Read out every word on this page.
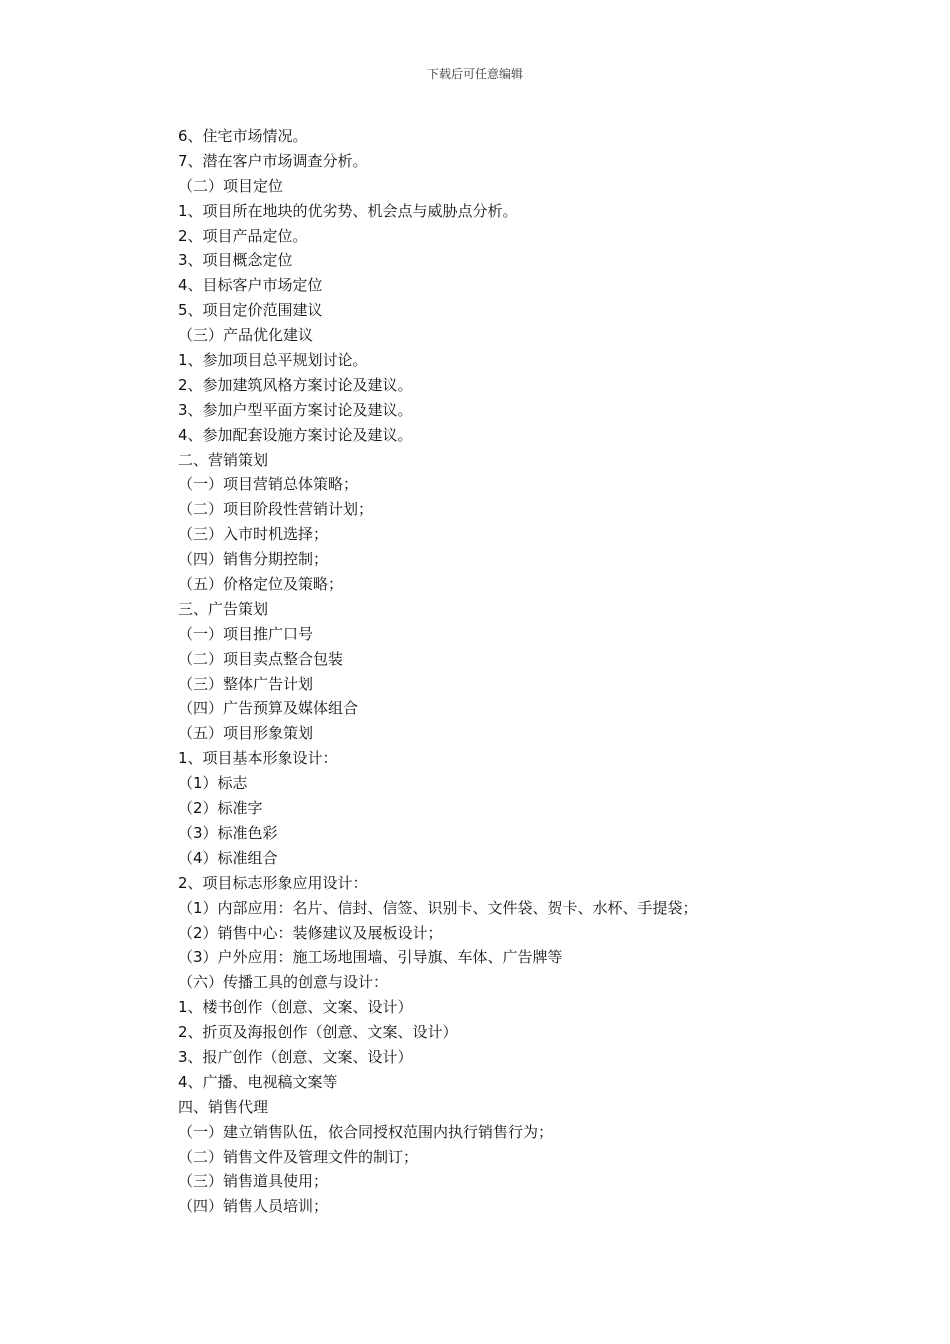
下载后可任意编辑
6、住宅市场情况。
7、潜在客户市场调查分析。
（二）项目定位
1、项目所在地块的优劣势、机会点与威胁点分析。
2、项目产品定位。
3、项目概念定位
4、目标客户市场定位
5、项目定价范围建议
（三）产品优化建议
1、参加项目总平规划讨论。
2、参加建筑风格方案讨论及建议。
3、参加户型平面方案讨论及建议。
4、参加配套设施方案讨论及建议。
二、营销策划
（一）项目营销总体策略；
（二）项目阶段性营销计划；
（三）入市时机选择；
（四）销售分期控制；
（五）价格定位及策略；
三、广告策划
（一）项目推广口号
（二）项目卖点整合包装
（三）整体广告计划
（四）广告预算及媒体组合
（五）项目形象策划
1、项目基本形象设计：
（1）标志
（2）标准字
（3）标准色彩
（4）标准组合
2、项目标志形象应用设计：
（1）内部应用：名片、信封、信签、识别卡、文件袋、贺卡、水杯、手提袋；
（2）销售中心：装修建议及展板设计；
（3）户外应用：施工场地围墙、引导旗、车体、广告牌等
（六）传播工具的创意与设计：
1、楼书创作（创意、文案、设计）
2、折页及海报创作（创意、文案、设计）
3、报广创作（创意、文案、设计）
4、广播、电视稿文案等
四、销售代理
（一）建立销售队伍，依合同授权范围内执行销售行为；
（二）销售文件及管理文件的制订；
（三）销售道具使用；
（四）销售人员培训；
